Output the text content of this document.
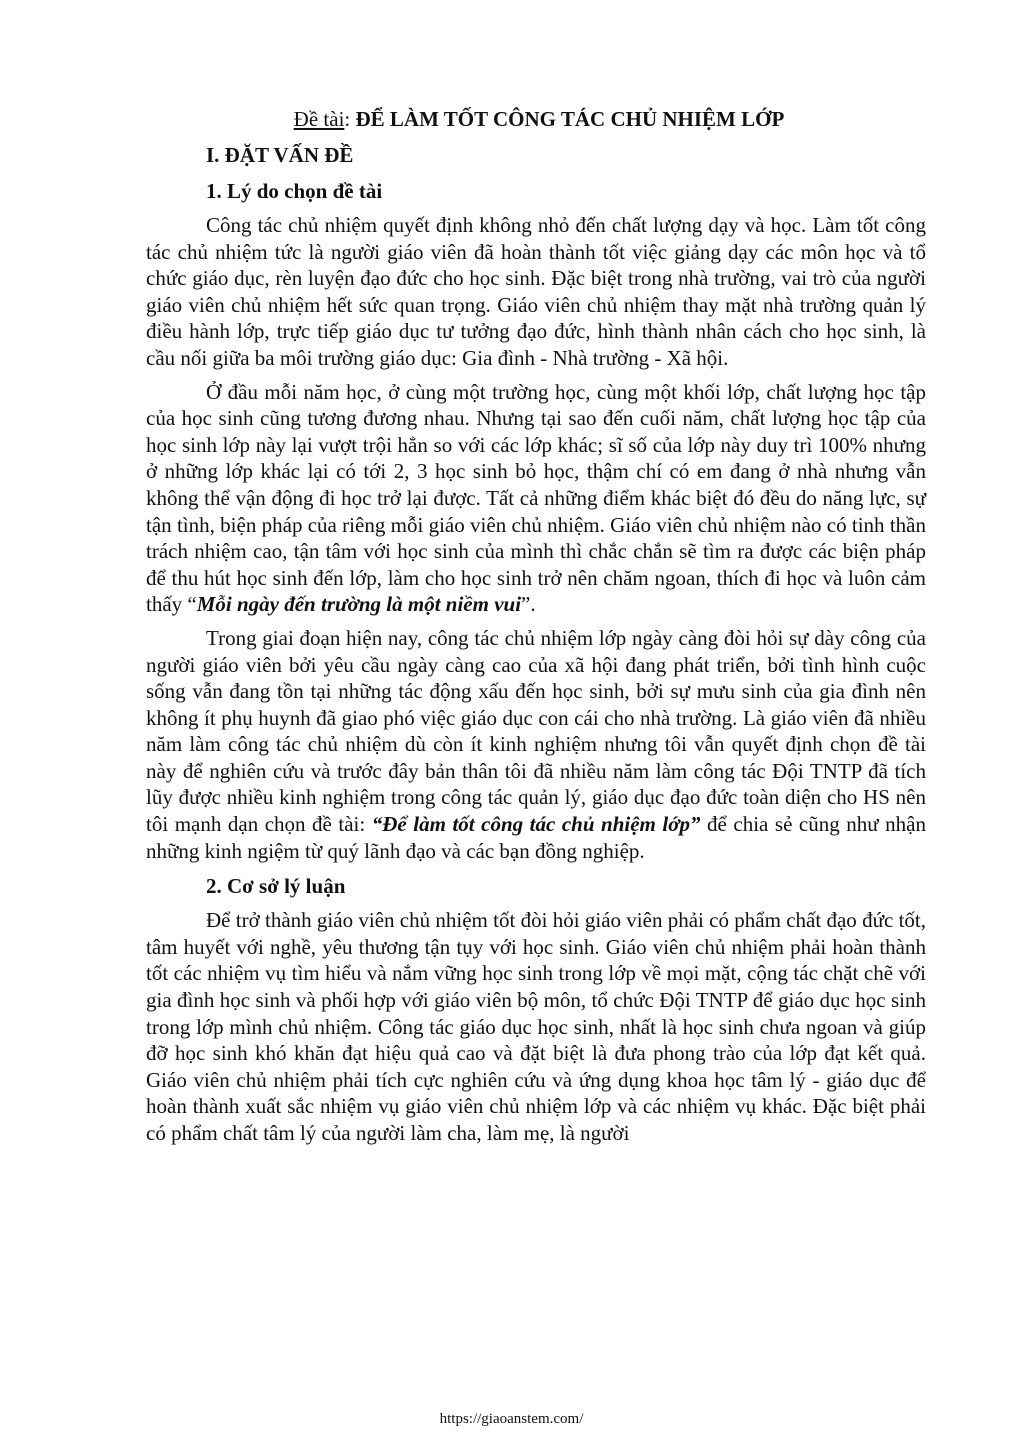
Đề tài: ĐỂ LÀM TỐT CÔNG TÁC CHỦ NHIỆM LỚP
I. ĐẶT VẤN ĐỀ
1. Lý do chọn đề tài

Công tác chủ nhiệm quyết định không nhỏ đến chất lượng dạy và học. Làm tốt công tác chủ nhiệm tức là người giáo viên đã hoàn thành tốt việc giảng dạy các môn học và tổ chức giáo dục, rèn luyện đạo đức cho học sinh. Đặc biệt trong nhà trường, vai trò của người giáo viên chủ nhiệm hết sức quan trọng. Giáo viên chủ nhiệm thay mặt nhà trường quản lý điều hành lớp, trực tiếp giáo dục tư tưởng đạo đức, hình thành nhân cách cho học sinh, là cầu nối giữa ba môi trường giáo dục: Gia đình - Nhà trường - Xã hội.

Ở đầu mỗi năm học, ở cùng một trường học, cùng một khối lớp, chất lượng học tập của học sinh cũng tương đương nhau. Nhưng tại sao đến cuối năm, chất lượng học tập của học sinh lớp này lại vượt trội hẳn so với các lớp khác; sĩ số của lớp này duy trì 100% nhưng ở những lớp khác lại có tới 2, 3 học sinh bỏ học, thậm chí có em đang ở nhà nhưng vẫn không thể vận động đi học trở lại được. Tất cả những điểm khác biệt đó đều do năng lực, sự tận tình, biện pháp của riêng mỗi giáo viên chủ nhiệm. Giáo viên chủ nhiệm nào có tinh thần trách nhiệm cao, tận tâm với học sinh của mình thì chắc chắn sẽ tìm ra được các biện pháp để thu hút học sinh đến lớp, làm cho học sinh trở nên chăm ngoan, thích đi học và luôn cảm thấy “Mỗi ngày đến trường là một niềm vui”.

Trong giai đoạn hiện nay, công tác chủ nhiệm lớp ngày càng đòi hỏi sự dày công của người giáo viên bởi yêu cầu ngày càng cao của xã hội đang phát triển, bởi tình hình cuộc sống vẫn đang tồn tại những tác động xấu đến học sinh, bởi sự mưu sinh của gia đình nên không ít phụ huynh đã giao phó việc giáo dục con cái cho nhà trường. Là giáo viên đã nhiều năm làm công tác chủ nhiệm dù còn ít kinh nghiệm nhưng tôi vẫn quyết định chọn đề tài này để nghiên cứu và trước đây bản thân tôi đã nhiều năm làm công tác Đội TNTP đã tích lũy được nhiều kinh nghiệm trong công tác quản lý, giáo dục đạo đức toàn diện cho HS nên tôi mạnh dạn chọn đề tài: “Để làm tốt công tác chủ nhiệm lớp” để chia sẻ cũng như nhận những kinh ngiệm từ quý lãnh đạo và các bạn đồng nghiệp.

2. Cơ sở lý luận

Để trở thành giáo viên chủ nhiệm tốt đòi hỏi giáo viên phải có phẩm chất đạo đức tốt, tâm huyết với nghề, yêu thương tận tụy với học sinh. Giáo viên chủ nhiệm phải hoàn thành tốt các nhiệm vụ tìm hiểu và nắm vững học sinh trong lớp về mọi mặt, cộng tác chặt chẽ với gia đình học sinh và phối hợp với giáo viên bộ môn, tổ chức Đội TNTP để giáo dục học sinh trong lớp mình chủ nhiệm. Công tác giáo dục học sinh, nhất là học sinh chưa ngoan và giúp đỡ học sinh khó khăn đạt hiệu quả cao và đặt biệt là đưa phong trào của lớp đạt kết quả. Giáo viên chủ nhiệm phải tích cực nghiên cứu và ứng dụng khoa học tâm lý - giáo dục để hoàn thành xuất sắc nhiệm vụ giáo viên chủ nhiệm lớp và các nhiệm vụ khác. Đặc biệt phải có phẩm chất tâm lý của người làm cha, làm mẹ, là người

https://giaoanstem.com/
